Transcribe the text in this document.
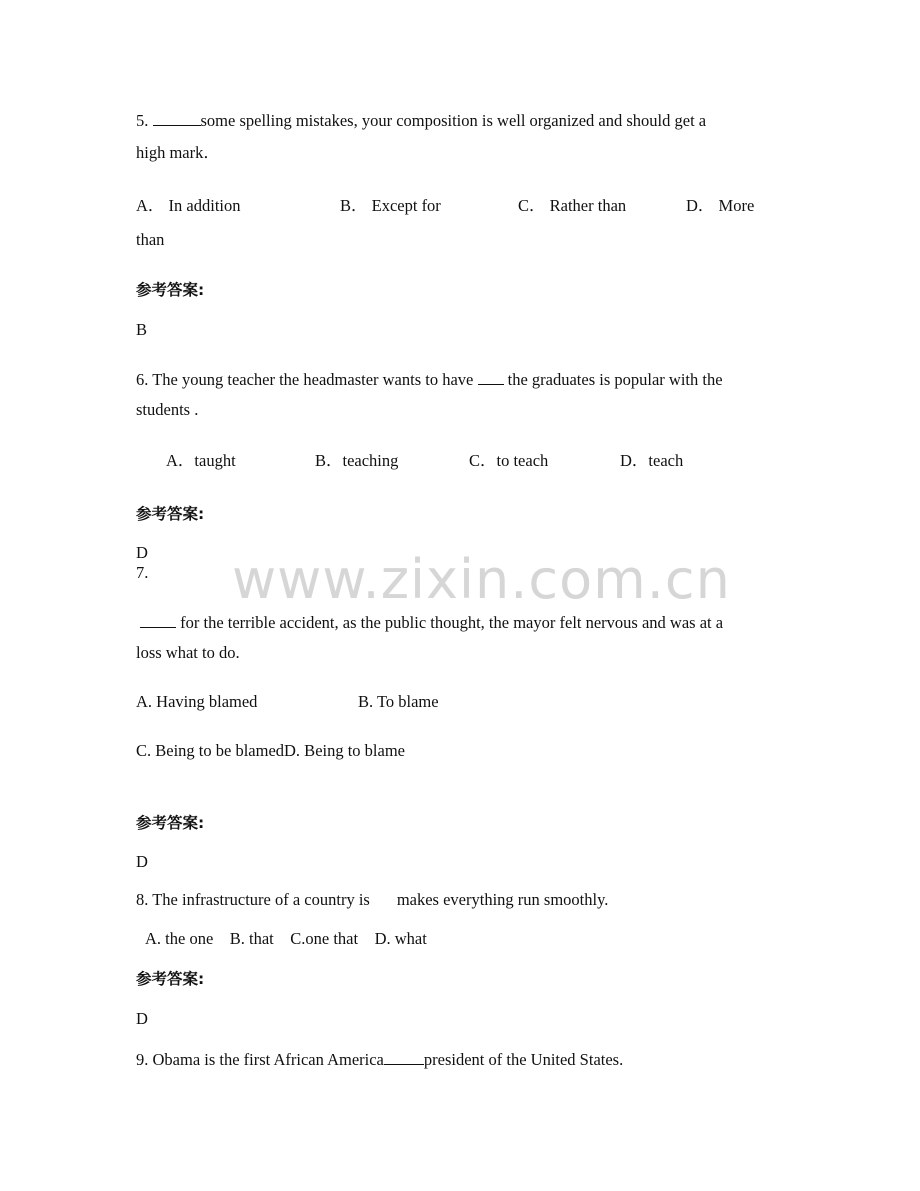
www.zixin.com.cn
5.	some spelling mistakes, your composition is well organized and should get a
high mark．
A． In addition	B． Except for	C． Rather than	D． More
than
参考答案:
B
6. The young teacher the headmaster wants to have  the graduates is popular with the
students .
A．taught	B．teaching	C．to teach	D．teach
参考答案:
D
7.
for the terrible accident, as the public thought, the mayor felt nervous and was at a
loss what to do.
A. Having blamed	B. To blame
C. Being to be blamedD. Being to blame
参考答案:
D
8. The infrastructure of a country is makes everything run smoothly.
A. the one    B. that    C.one that    D. what
参考答案:
D
9. Obama is the first African America president of the United States.
